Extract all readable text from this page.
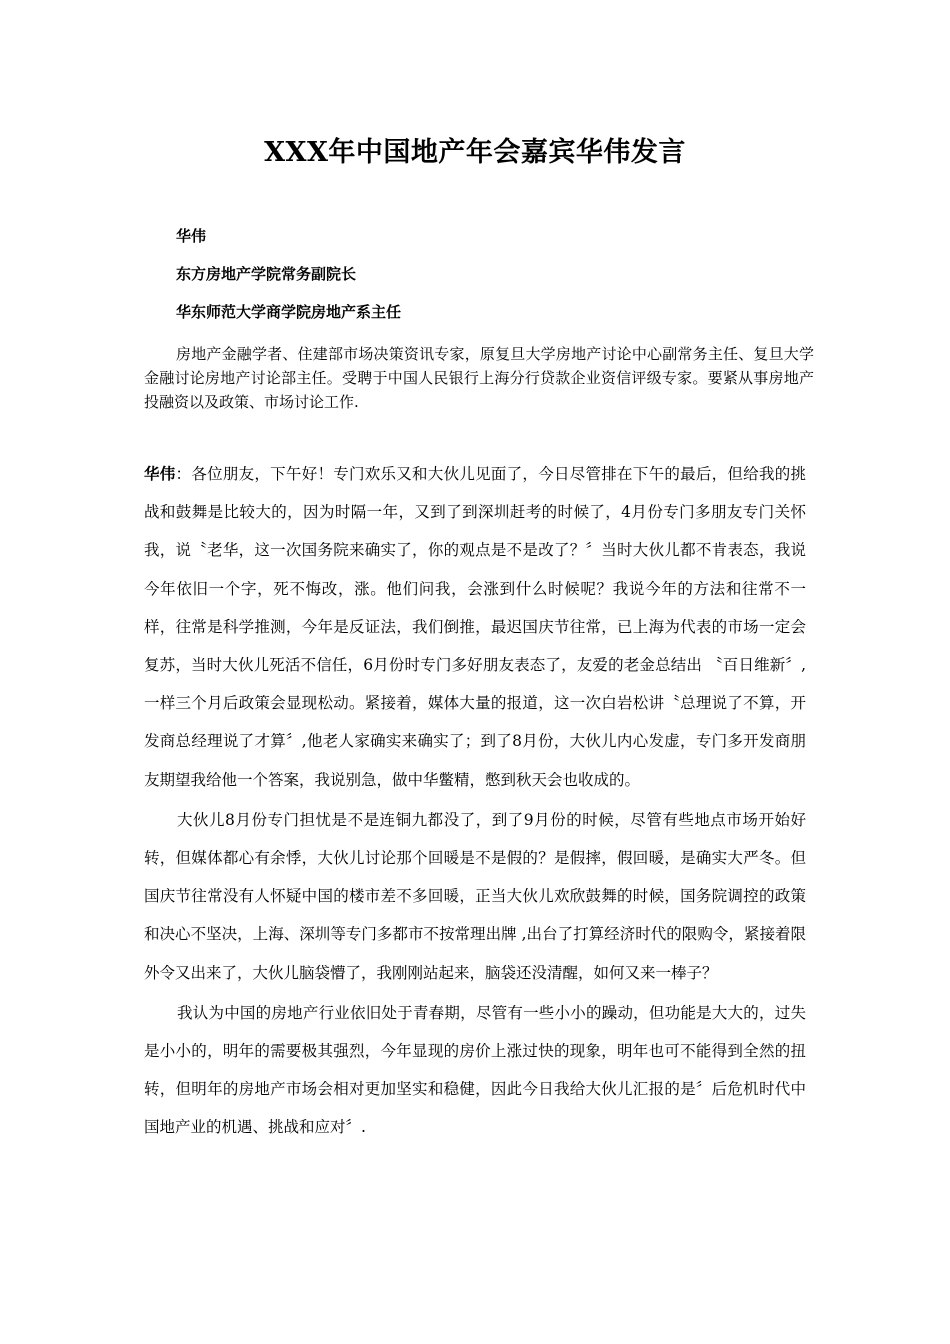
XXX年中国地产年会嘉宾华伟发言
华伟
东方房地产学院常务副院长
华东师范大学商学院房地产系主任

房地产金融学者、住建部市场决策资讯专家，原复旦大学房地产讨论中心副常务主任、复旦大学金融讨论房地产讨论部主任。受聘于中国人民银行上海分行贷款企业资信评级专家。要紧从事房地产投融资以及政策、市场讨论工作.

华伟：各位朋友，下午好！专门欢乐又和大伙儿见面了，今日尽管排在下午的最后，但给我的挑战和鼓舞是比较大的，因为时隔一年，又到了到深圳赶考的时候了，4月份专门多朋友专门关怀我，说〝老华，这一次国务院来确实了，你的观点是不是改了？〞当时大伙儿都不肯表态，我说今年依旧一个字，死不悔改，涨。他们问我，会涨到什么时候呢？我说今年的方法和往常不一样，往常是科学推测，今年是反证法，我们倒推，最迟国庆节往常，已上海为代表的市场一定会复苏，当时大伙儿死活不信任，6月份时专门多好朋友表态了，友爱的老金总结出 〝百日维新〞,一样三个月后政策会显现松动。紧接着，媒体大量的报道，这一次白岩松讲〝总理说了不算，开发商总经理说了才算〞,他老人家确实来确实了；到了8月份，大伙儿内心发虚，专门多开发商朋友期望我给他一个答案，我说别急，做中华鳖精，憋到秋天会也收成的。

大伙儿8月份专门担忧是不是连铜九都没了，到了9月份的时候，尽管有些地点市场开始好转，但媒体都心有余悸，大伙儿讨论那个回暖是不是假的？是假摔，假回暖，是确实大严冬。但国庆节往常没有人怀疑中国的楼市差不多回暖，正当大伙儿欢欣鼓舞的时候，国务院调控的政策和决心不坚决，上海、深圳等专门多都市不按常理出牌 ,出台了打算经济时代的限购令，紧接着限外令又出来了，大伙儿脑袋懵了，我刚刚站起来，脑袋还没清醒，如何又来一棒子？

我认为中国的房地产行业依旧处于青春期，尽管有一些小小的躁动，但功能是大大的，过失是小小的，明年的需要极其强烈，今年显现的房价上涨过快的现象，明年也可不能得到全然的扭转，但明年的房地产市场会相对更加坚实和稳健，因此今日我给大伙儿汇报的是〞后危机时代中国地产业的机遇、挑战和应对〞.
